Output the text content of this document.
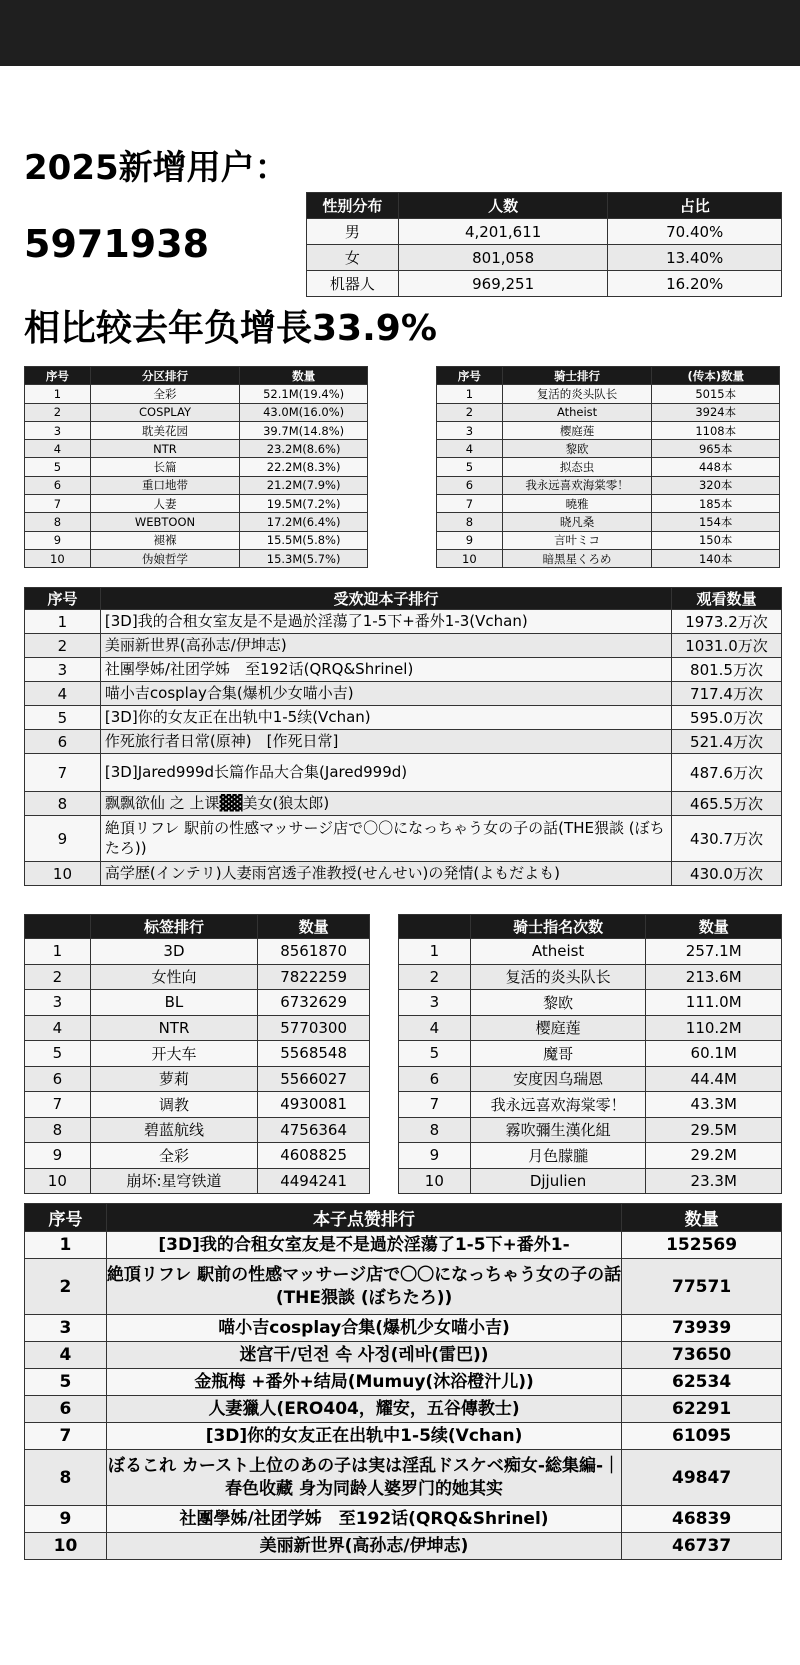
2025新增用户：
5971938
相比较去年负增長33.9%
性别分布	人数	占比
男	4,201,611	70.40%
女	801,058	13.40%
机器人	969,251	16.20%
序号	分区排行	数量
1	全彩	52.1M(19.4%)
2	COSPLAY	43.0M(16.0%)
3	耽美花园	39.7M(14.8%)
4	NTR	23.2M(8.6%)
5	长篇	22.2M(8.3%)
6	重口地带	21.2M(7.9%)
7	人妻	19.5M(7.2%)
8	WEBTOON	17.2M(6.4%)
9	褪褓	15.5M(5.8%)
10	伪娘哲学	15.3M(5.7%)
序号	骑士排行	(传本)数量
1	复活的炎头队长	5015本
2	Atheist	3924本
3	樱庭莲	1108本
4	黎欧	965本
5	拟态虫	448本
6	我永远喜欢海棠零！	320本
7	曉雅	185本
8	晓凡桑	154本
9	言叶ミコ	150本
10	暗黑星くろめ	140本
序号	受欢迎本子排行	观看数量
1	[3D]我的合租女室友是不是過於淫蕩了1-5下+番外1-3(Vchan)	1973.2万次
2	美丽新世界(高孙志/伊坤志)	1031.0万次
3	社團學姊/社团学姊　至192话(QRQ&Shrinel)	801.5万次
4	喵小吉cosplay合集(爆机少女喵小吉)	717.4万次
5	[3D]你的女友正在出轨中1-5续(Vchan)	595.0万次
6	作死旅行者日常(原神)　[作死日常]	521.4万次
7	[3D]Jared999d长篇作品大合集(Jared999d)	487.6万次
8	飘飘欲仙 之 上课▓▓美女(狼太郎)	465.5万次
9	絶頂リフレ 駅前の性感マッサージ店で〇〇になっちゃう女の子の話(THE猥談 (ぼちたろ))	430.7万次
10	高学歴(インテリ)人妻雨宮透子准教授(せんせい)の発情(よもだよも)	430.0万次
	标签排行	数量
1	3D	8561870
2	女性向	7822259
3	BL	6732629
4	NTR	5770300
5	开大车	5568548
6	萝莉	5566027
7	调教	4930081
8	碧蓝航线	4756364
9	全彩	4608825
10	崩坏:星穹铁道	4494241
	骑士指名次数	数量
1	Atheist	257.1M
2	复活的炎头队长	213.6M
3	黎欧	111.0M
4	樱庭莲	110.2M
5	魔哥	60.1M
6	安度因乌瑞恩	44.4M
7	我永远喜欢海棠零！	43.3M
8	霧吹彌生漢化組	29.5M
9	月色朦朧	29.2M
10	Djjulien	23.3M
序号	本子点赞排行	数量
1	[3D]我的合租女室友是不是過於淫蕩了1-5下+番外1-	152569
2	絶頂リフレ 駅前の性感マッサージ店で〇〇になっちゃう女の子の話(THE猥談 (ぼちたろ))	77571
3	喵小吉cosplay合集(爆机少女喵小吉)	73939
4	迷宫干/던전 속 사정(레바(雷巴))	73650
5	金瓶梅 +番外+结局(Mumuy(沐浴橙汁儿))	62534
6	人妻獵人(ERO404，耀安，五谷傳教士)	62291
7	[3D]你的女友正在出轨中1-5续(Vchan)	61095
8	ぼるこれ カースト上位のあの子は実は淫乱ドスケベ痴女-総集編-｜春色收藏 身为同龄人婆罗门的她其实	49847
9	社團學姊/社团学姊　至192话(QRQ&Shrinel)	46839
10	美丽新世界(高孙志/伊坤志)	46737
